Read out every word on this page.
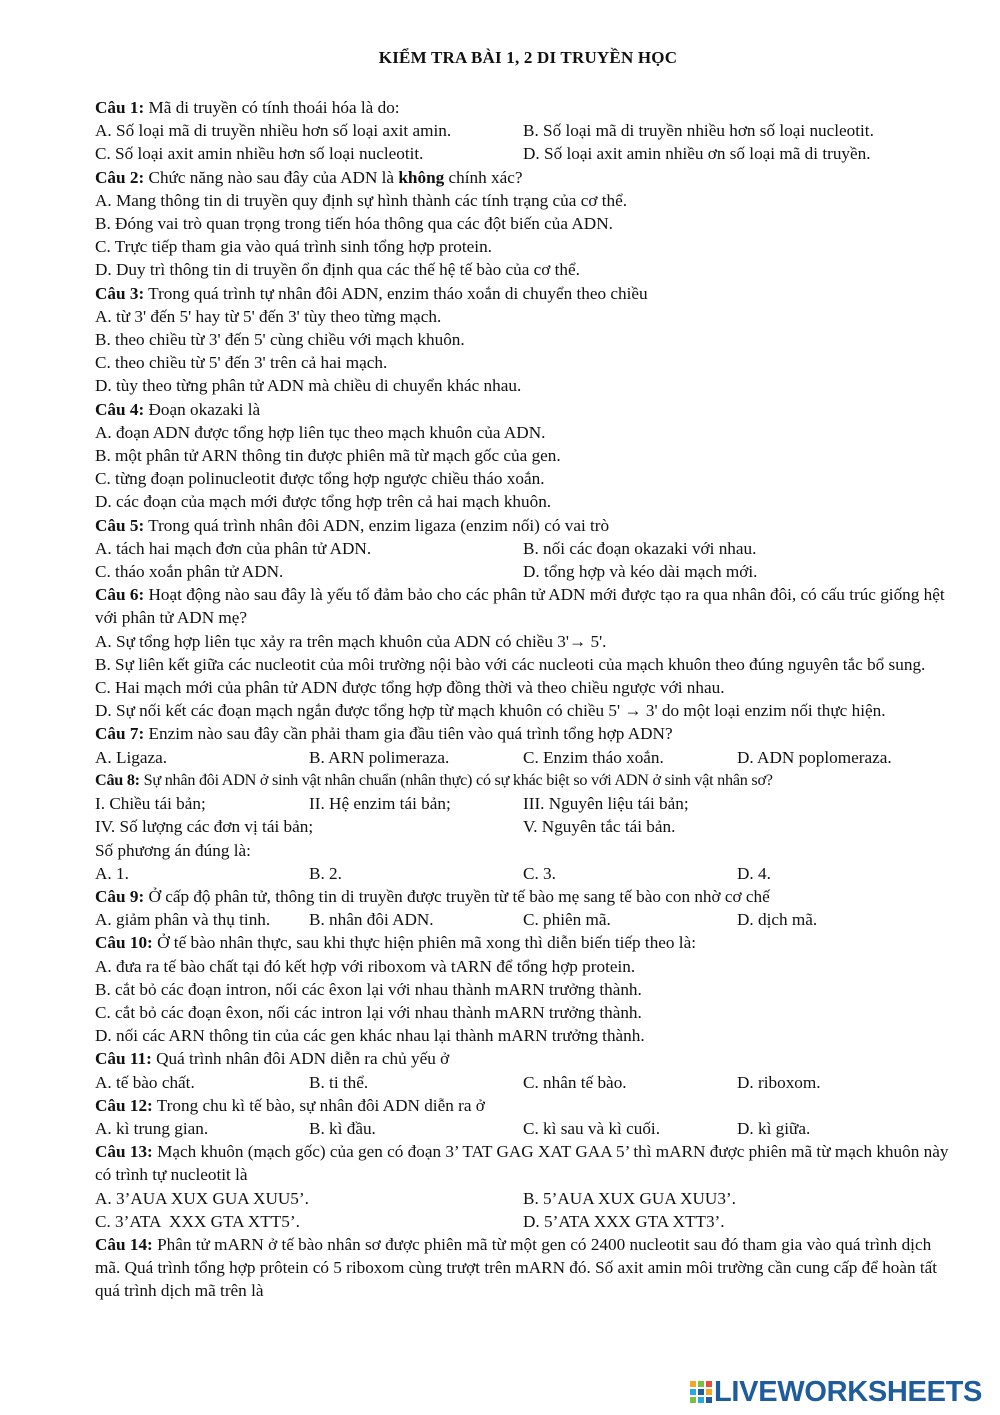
KIỂM TRA BÀI 1, 2 DI TRUYỀN HỌC
Câu 1: Mã di truyền có tính thoái hóa là do:
A. Số loại mã di truyền nhiều hơn số loại axit amin.	B. Số loại mã di truyền nhiều hơn số loại nucleotit.
C. Số loại axit amin nhiều hơn số loại nucleotit.	D. Số loại axit amin nhiều ơn số loại mã di truyền.
Câu 2: Chức năng nào sau đây của ADN là không chính xác?
A. Mang thông tin di truyền quy định sự hình thành các tính trạng của cơ thể.
B. Đóng vai trò quan trọng trong tiến hóa thông qua các đột biến của ADN.
C. Trực tiếp tham gia vào quá trình sinh tổng hợp protein.
D. Duy trì thông tin di truyền ổn định qua các thế hệ tế bào của cơ thể.
Câu 3: Trong quá trình tự nhân đôi ADN, enzim tháo xoắn di chuyển theo chiều
A. từ 3' đến 5' hay từ 5' đến 3' tùy theo từng mạch.
B. theo chiều từ 3' đến 5' cùng chiều với mạch khuôn.
C. theo chiều từ 5' đến 3' trên cả hai mạch.
D. tùy theo từng phân tử ADN mà chiều di chuyển khác nhau.
Câu 4: Đoạn okazaki là
A. đoạn ADN được tổng hợp liên tục theo mạch khuôn của ADN.
B. một phân tử ARN thông tin được phiên mã từ mạch gốc của gen.
C. từng đoạn polinucleotit được tổng hợp ngược chiều tháo xoắn.
D. các đoạn của mạch mới được tổng hợp trên cả hai mạch khuôn.
Câu 5: Trong quá trình nhân đôi ADN, enzim ligaza (enzim nối) có vai trò
A. tách hai mạch đơn của phân tử ADN.	B. nối các đoạn okazaki với nhau.
C. tháo xoắn phân tử ADN.	D. tổng hợp và kéo dài mạch mới.
Câu 6: Hoạt động nào sau đây là yếu tố đảm bảo cho các phân tử ADN mới được tạo ra qua nhân đôi, có cấu trúc giống hệt với phân tử ADN mẹ?
A. Sự tổng hợp liên tục xảy ra trên mạch khuôn của ADN có chiều 3'→ 5'.
B. Sự liên kết giữa các nucleotit của môi trường nội bào với các nucleoti của mạch khuôn theo đúng nguyên tắc bổ sung.
C. Hai mạch mới của phân tử ADN được tổng hợp đồng thời và theo chiều ngược với nhau.
D. Sự nối kết các đoạn mạch ngắn được tổng hợp từ mạch khuôn có chiều 5' → 3' do một loại enzim nối thực hiện.
Câu 7: Enzim nào sau đây cần phải tham gia đầu tiên vào quá trình tổng hợp ADN?
A. Ligaza.	B. ARN polimeraza.	C. Enzim tháo xoắn.	D. ADN poplomeraza.
Câu 8: Sự nhân đôi ADN ở sinh vật nhân chuẩn (nhân thực) có sự khác biệt so với ADN ở sinh vật nhân sơ?
I. Chiều tái bản;	II. Hệ enzim tái bản;	III. Nguyên liệu tái bản;
IV. Số lượng các đơn vị tái bản;	V. Nguyên tắc tái bản.
Số phương án đúng là:
A. 1.	B. 2.	C. 3.	D. 4.
Câu 9: Ở cấp độ phân tử, thông tin di truyền được truyền từ tế bào mẹ sang tế bào con nhờ cơ chế
A. giảm phân và thụ tinh.	B. nhân đôi ADN.	C. phiên mã.	D. dịch mã.
Câu 10: Ở tế bào nhân thực, sau khi thực hiện phiên mã xong thì diễn biến tiếp theo là:
A. đưa ra tế bào chất tại đó kết hợp với riboxom và tARN để tổng hợp protein.
B. cắt bỏ các đoạn intron, nối các êxon lại với nhau thành mARN trưởng thành.
C. cắt bỏ các đoạn êxon, nối các intron lại với nhau thành mARN trưởng thành.
D. nối các ARN thông tin của các gen khác nhau lại thành mARN trưởng thành.
Câu 11: Quá trình nhân đôi ADN diễn ra chủ yếu ở
A. tế bào chất.	B. ti thể.	C. nhân tế bào.	D. riboxom.
Câu 12: Trong chu kì tế bào, sự nhân đôi ADN diễn ra ở
A. kì trung gian.	B. kì đầu.	C. kì sau và kì cuối.	D. kì giữa.
Câu 13: Mạch khuôn (mạch gốc) của gen có đoạn 3’ TAT GAG XAT GAA 5’ thì mARN được phiên mã từ mạch khuôn này có trình tự nucleotit là
A. 3’AUA XUX GUA XUU5’.	B. 5’AUA XUX GUA XUU3’.
C. 3’ATA  XXX GTA XTT5’.	D. 5’ATA XXX GTA XTT3’.
Câu 14: Phân tử mARN ở tế bào nhân sơ được phiên mã từ một gen có 2400 nucleotit sau đó tham gia vào quá trình dịch mã. Quá trình tổng hợp prôtein có 5 riboxom cùng trượt trên mARN đó. Số axit amin môi trường cần cung cấp để hoàn tất quá trình dịch mã trên là
LIVEWORKSHEETS
